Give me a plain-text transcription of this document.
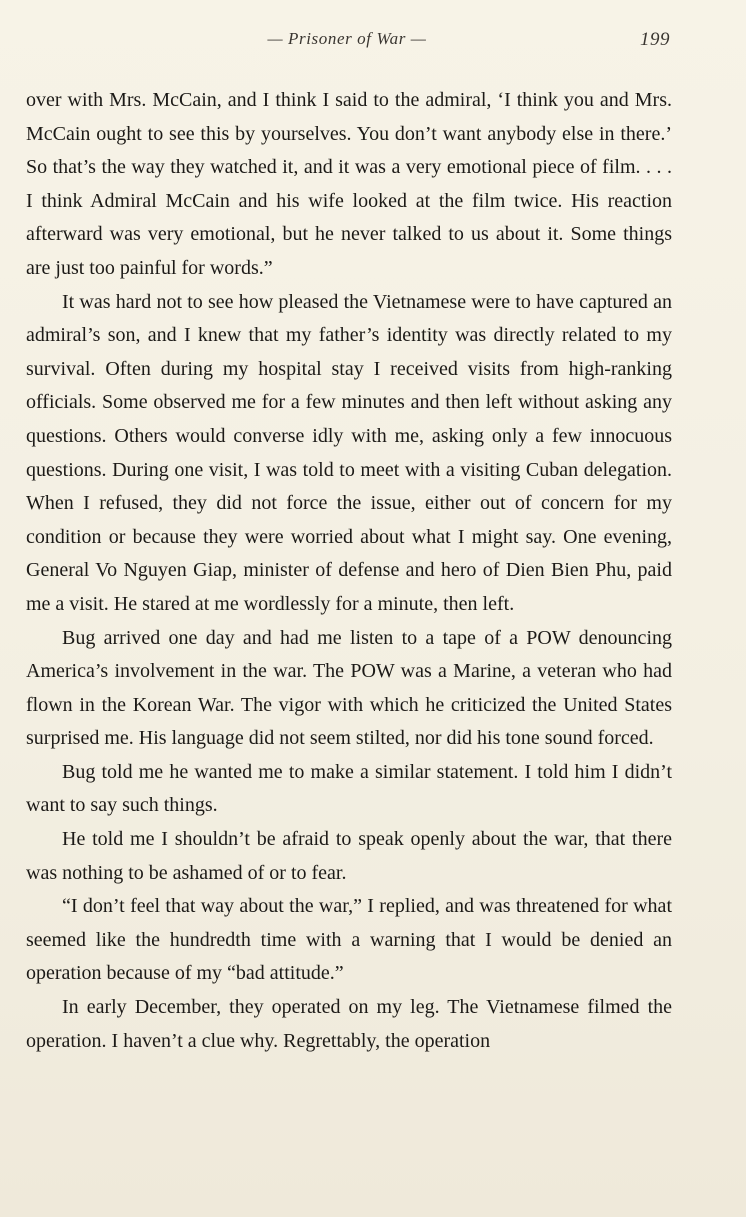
— Prisoner of War —	199

over with Mrs. McCain, and I think I said to the admiral, ‘I think you and Mrs. McCain ought to see this by yourselves. You don’t want anybody else in there.’ So that’s the way they watched it, and it was a very emotional piece of film. . . . I think Admiral McCain and his wife looked at the film twice. His reaction afterward was very emotional, but he never talked to us about it. Some things are just too painful for words.”

It was hard not to see how pleased the Vietnamese were to have captured an admiral’s son, and I knew that my father’s identity was directly related to my survival. Often during my hospital stay I received visits from high-ranking officials. Some observed me for a few minutes and then left without asking any questions. Others would converse idly with me, asking only a few innocuous questions. During one visit, I was told to meet with a visiting Cuban delegation. When I refused, they did not force the issue, either out of concern for my condition or because they were worried about what I might say. One evening, General Vo Nguyen Giap, minister of defense and hero of Dien Bien Phu, paid me a visit. He stared at me wordlessly for a minute, then left.

Bug arrived one day and had me listen to a tape of a POW denouncing America’s involvement in the war. The POW was a Marine, a veteran who had flown in the Korean War. The vigor with which he criticized the United States surprised me. His language did not seem stilted, nor did his tone sound forced.

Bug told me he wanted me to make a similar statement. I told him I didn’t want to say such things.

He told me I shouldn’t be afraid to speak openly about the war, that there was nothing to be ashamed of or to fear.

“I don’t feel that way about the war,” I replied, and was threatened for what seemed like the hundredth time with a warning that I would be denied an operation because of my “bad attitude.”

In early December, they operated on my leg. The Vietnamese filmed the operation. I haven’t a clue why. Regrettably, the operation
